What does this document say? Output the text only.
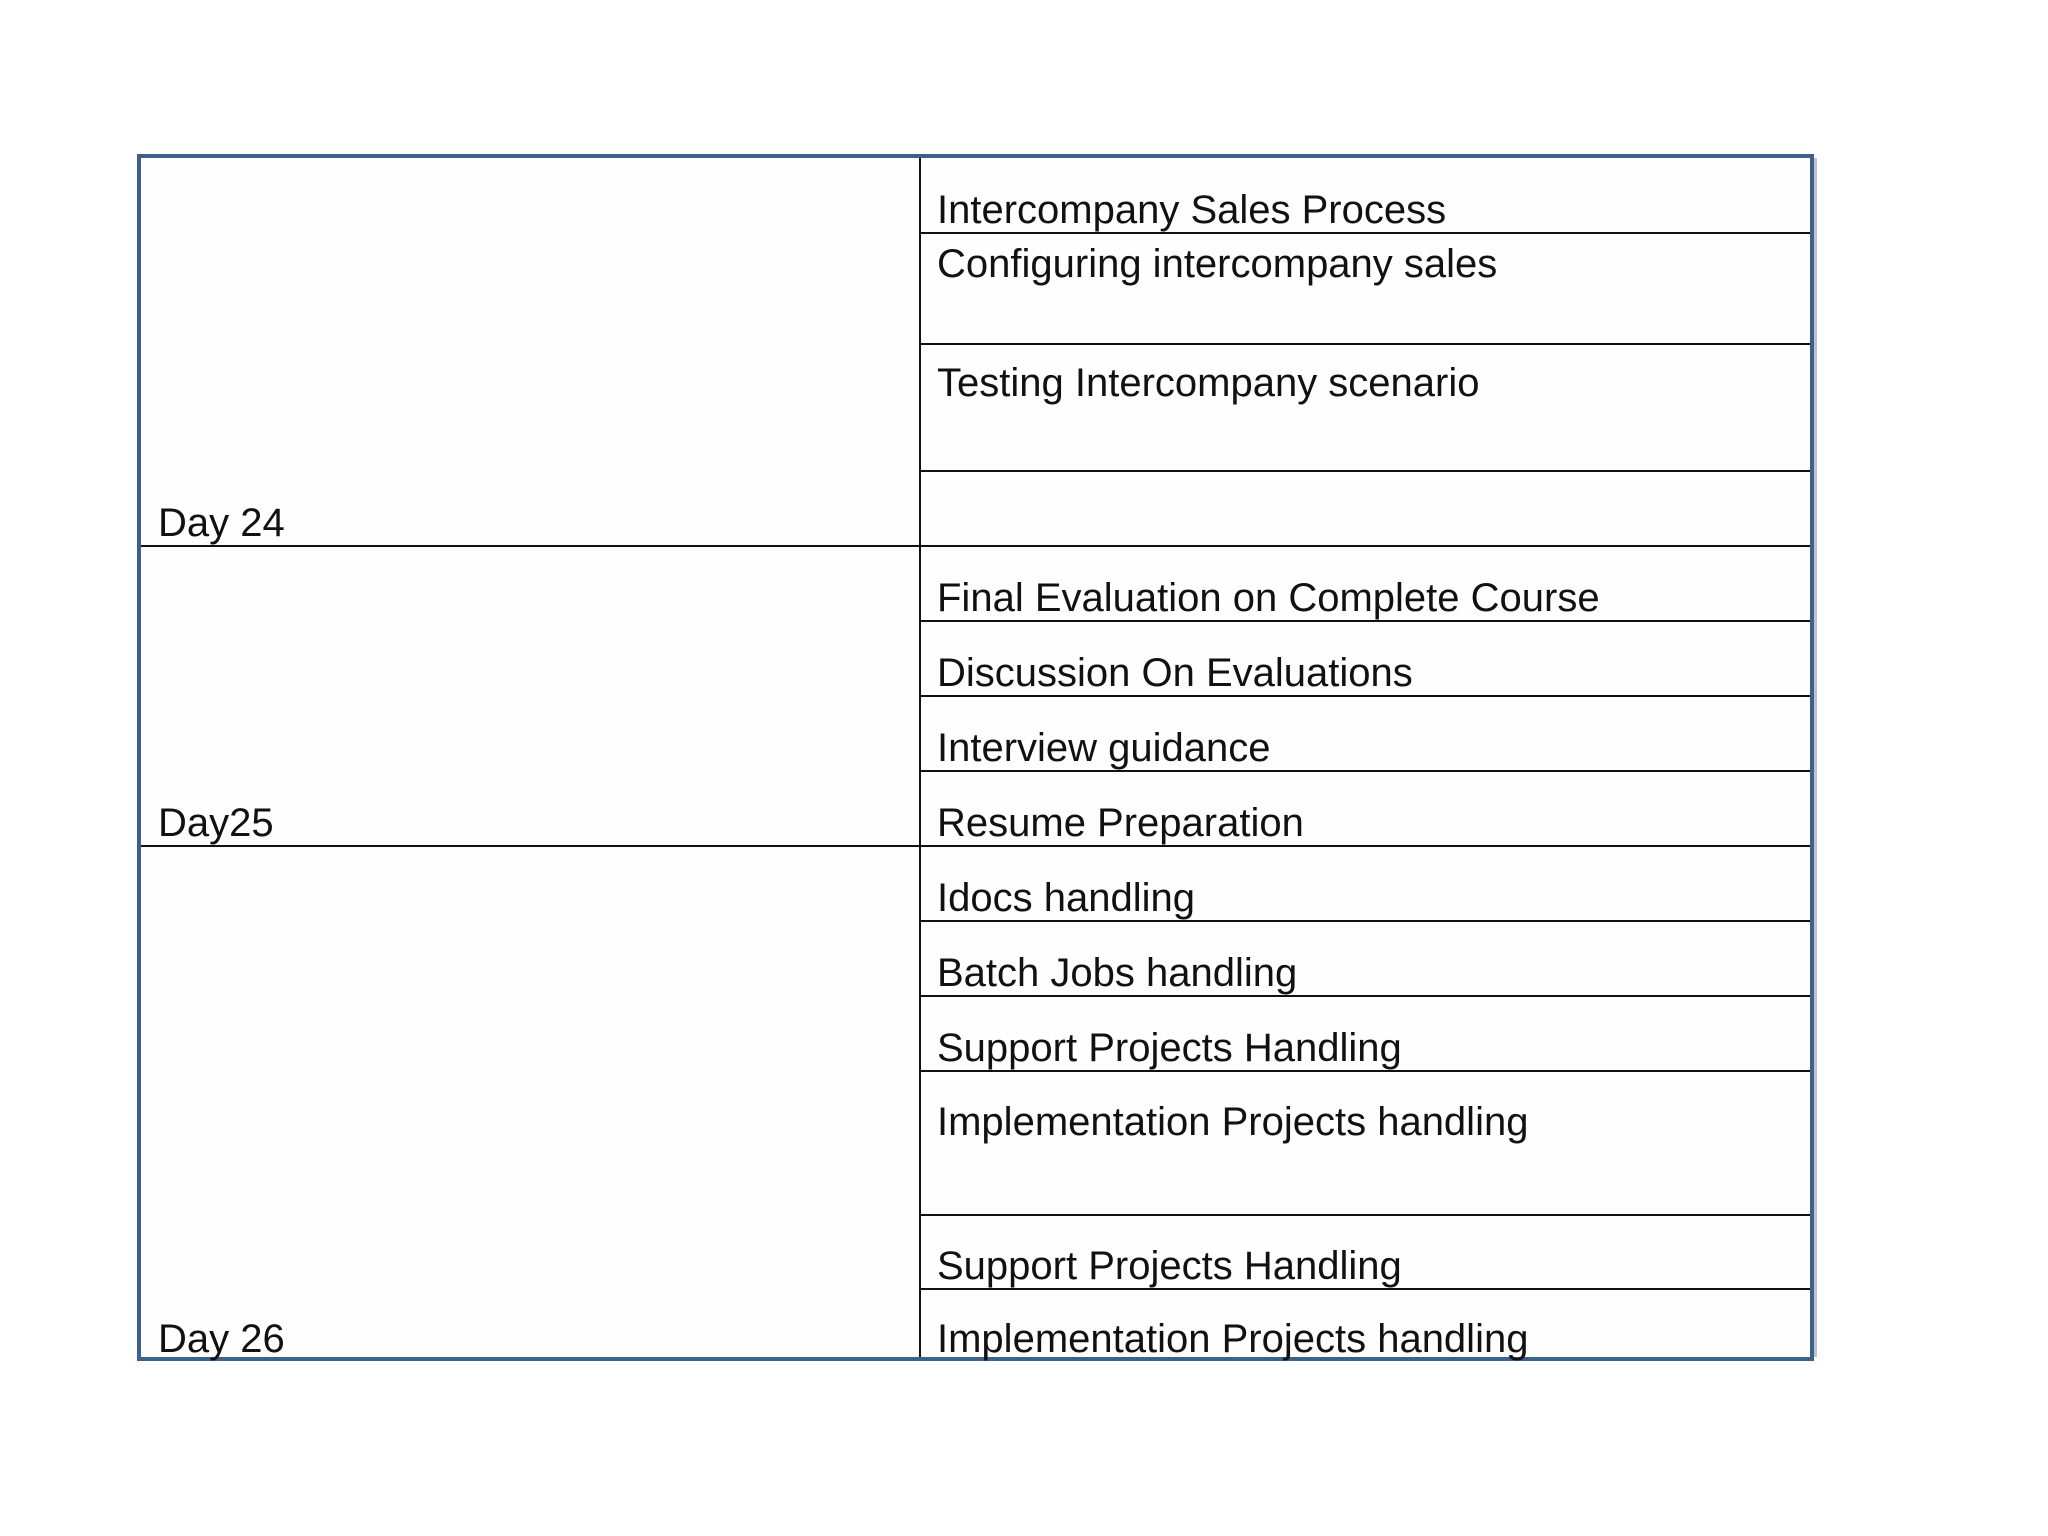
Day 24
Day25
Day 26
Intercompany Sales Process
Configuring intercompany sales
Testing Intercompany scenario
Final Evaluation on Complete Course
Discussion On Evaluations
Interview guidance
Resume Preparation
Idocs handling
Batch Jobs handling
Support Projects Handling
Implementation Projects handling
Support Projects Handling
Implementation Projects handling
